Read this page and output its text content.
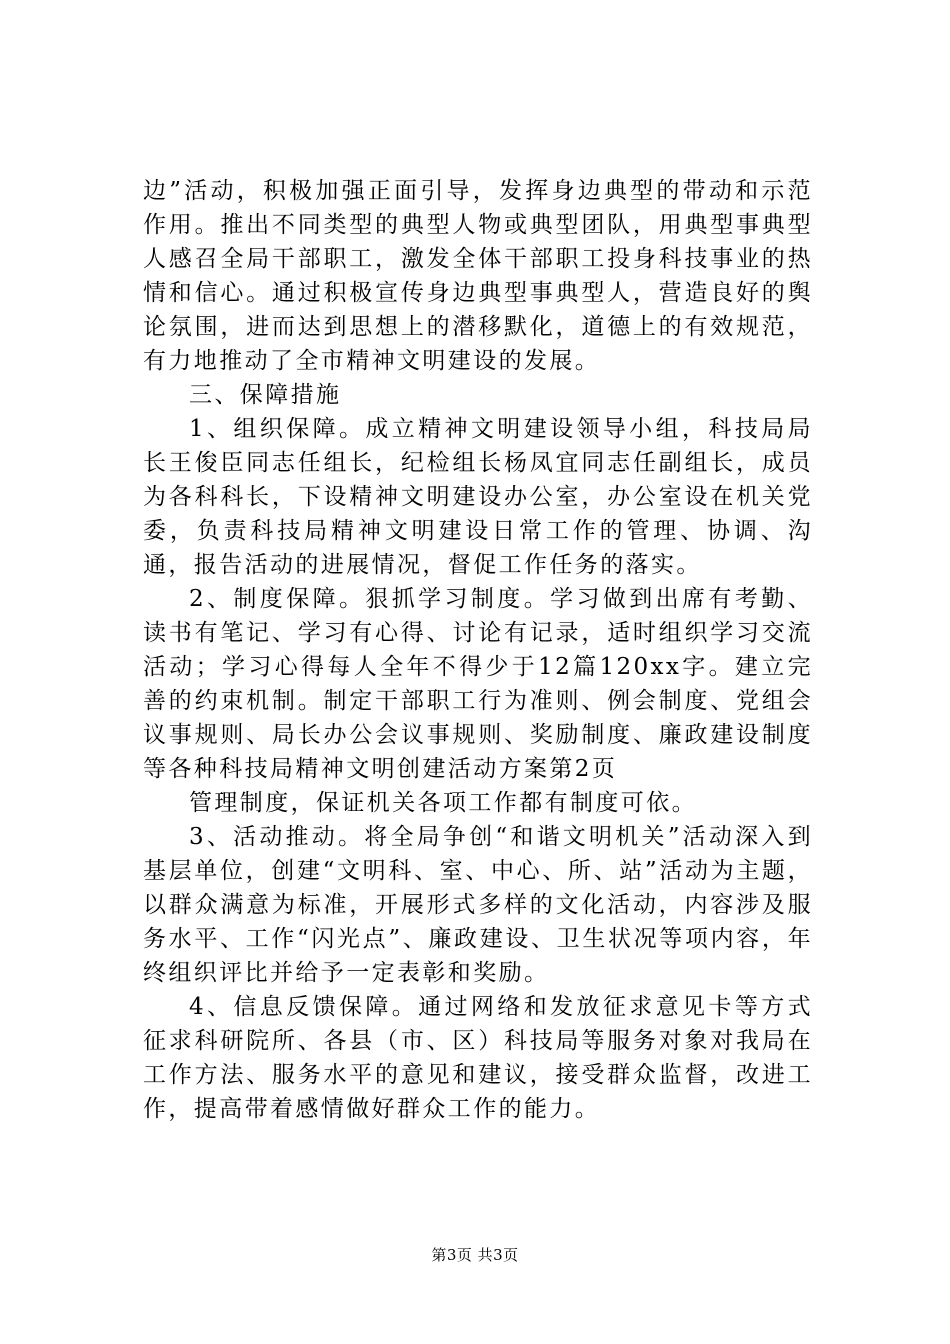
边”活动，积极加强正面引导，发挥身边典型的带动和示范作用。推出不同类型的典型人物或典型团队，用典型事典型人感召全局干部职工，激发全体干部职工投身科技事业的热情和信心。通过积极宣传身边典型事典型人，营造良好的舆论氛围，进而达到思想上的潜移默化，道德上的有效规范，有力地推动了全市精神文明建设的发展。

三、保障措施

1、组织保障。成立精神文明建设领导小组，科技局局长王俊臣同志任组长，纪检组长杨凤宜同志任副组长，成员为各科科长，下设精神文明建设办公室，办公室设在机关党委，负责科技局精神文明建设日常工作的管理、协调、沟通，报告活动的进展情况，督促工作任务的落实。

2、制度保障。狠抓学习制度。学习做到出席有考勤、读书有笔记、学习有心得、讨论有记录，适时组织学习交流活动；学习心得每人全年不得少于12篇120xx字。建立完善的约束机制。制定干部职工行为准则、例会制度、党组会议事规则、局长办公会议事规则、奖励制度、廉政建设制度等各种科技局精神文明创建活动方案第2页

管理制度，保证机关各项工作都有制度可依。

3、活动推动。将全局争创“和谐文明机关”活动深入到基层单位，创建“文明科、室、中心、所、站”活动为主题，以群众满意为标准，开展形式多样的文化活动，内容涉及服务水平、工作“闪光点”、廉政建设、卫生状况等项内容，年终组织评比并给予一定表彰和奖励。

4、信息反馈保障。通过网络和发放征求意见卡等方式征求科研院所、各县（市、区）科技局等服务对象对我局在工作方法、服务水平的意见和建议，接受群众监督，改进工作，提高带着感情做好群众工作的能力。

第3页 共3页
